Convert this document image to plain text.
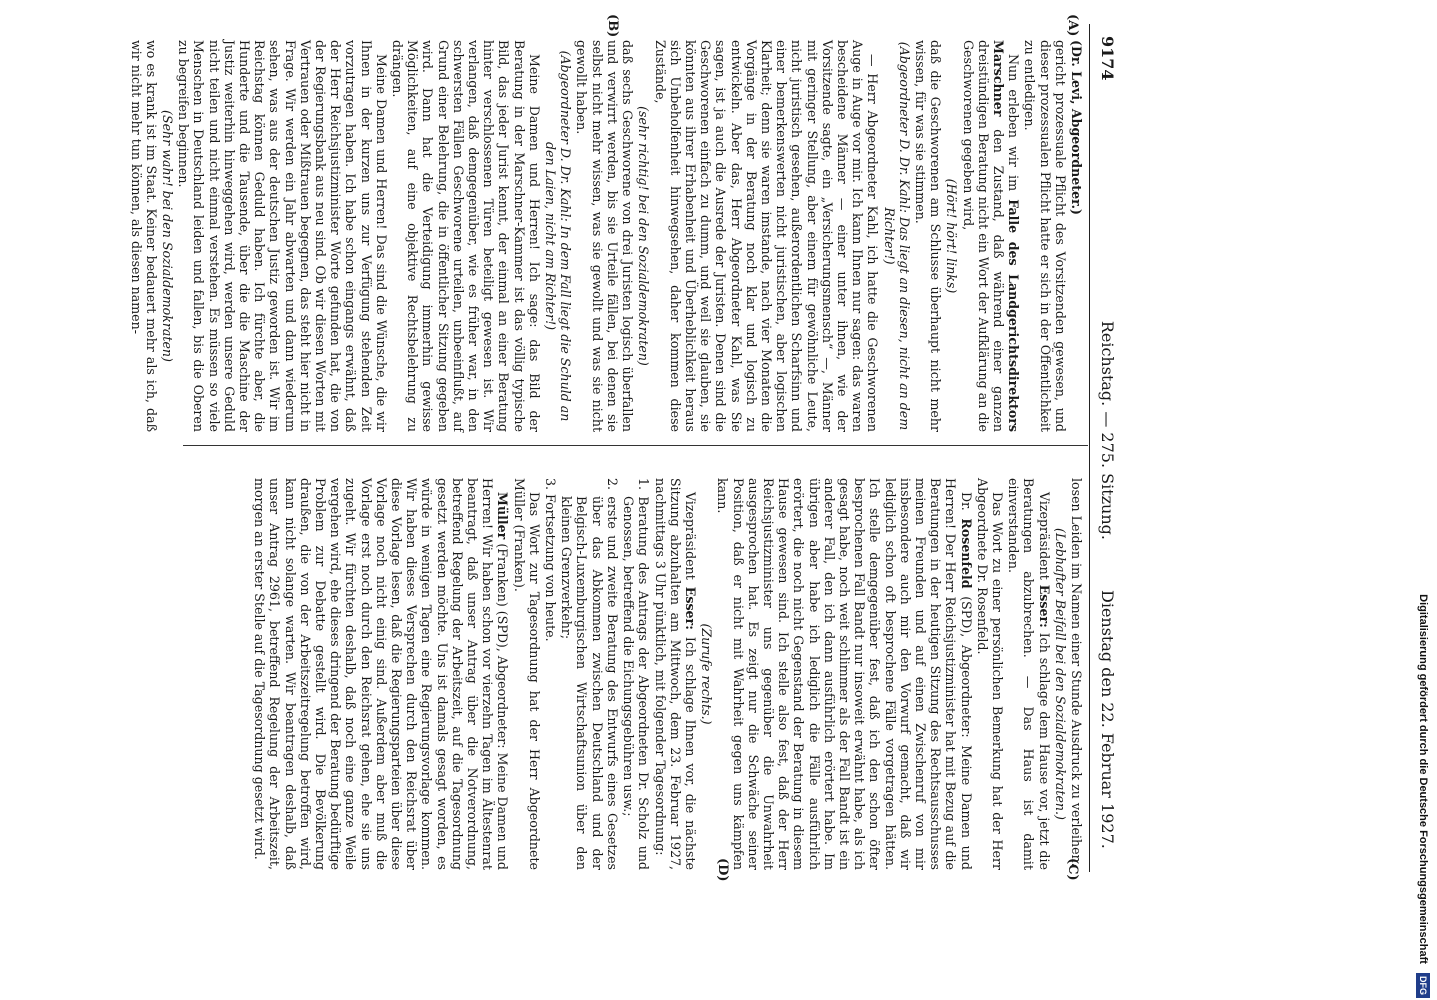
9174
Reichstag. — 275. Sitzung.
Dienstag den 22. Februar 1927.
(A)
(B)
(C)
(D)

(Dr. Levi, Abgeordneter.)

gericht prozessuale Pflicht des Vorsitzenden gewesen, und dieser prozessualen Pflicht hatte er sich in der Öffentlichkeit zu entledigen.

Nun erleben wir im Falle des Landgerichtsdirektors Marschner den Zustand, daß während einer ganzen dreistündigen Beratung nicht ein Wort der Aufklärung an die Geschworenen gegeben wird,

(Hört! hört! links)

daß die Geschworenen am Schlusse überhaupt nicht mehr wissen, für was sie stimmen.

(Abgeordneter D. Dr. Kahl: Das liegt an diesen, nicht an dem Richter!)

— Herr Abgeordneter Kahl, ich hatte die Geschworenen Auge in Auge vor mir. Ich kann Ihnen nur sagen: das waren bescheidene Männer — einer unter ihnen, wie der Vorsitzende sagte, ein „Versicherungsmensch“ —, Männer mit geringer Stellung, aber einem für gewöhnliche Leute, nicht juristisch gesehen, außerordentlichen Scharfsinn und einer bemerkenswerten nicht juristischen, aber logischen Klarheit; denn sie waren imstande, nach vier Monaten die Vorgänge in der Beratung noch klar und logisch zu entwickeln. Aber das, Herr Abgeordneter Kahl, was Sie sagen, ist ja auch die Ausrede der Juristen. Denen sind die Geschworenen einfach zu dumm, und weil sie glauben, sie könnten aus ihrer Erhabenheit und Überheblichkeit heraus sich Unbeholfenheit hinwegsehen, daher kommen diese Zustände,

(sehr richtig! bei den Sozialdemokraten)

daß sechs Geschworene von drei Juristen logisch überfallen und verwirrt werden, bis sie Urteile fällen, bei denen sie selbst nicht mehr wissen, was sie gewollt und was sie nicht gewollt haben.

(Abgeordneter D. Dr. Kahl: In dem Fall liegt die Schuld an den Laien, nicht am Richter!)

Meine Damen und Herren! Ich sage: das Bild der Beratung in der Marschner-Kammer ist das völlig typische Bild, das jeder Jurist kennt, der einmal an einer Beratung hinter verschlossenen Türen beteiligt gewesen ist. Wir verlangen, daß demgegenüber, wie es früher war, in den schwersten Fällen Geschworene urteilen, unbeeinflußt, auf Grund einer Belehrung, die in öffentlicher Sitzung gegeben wird. Dann hat die Verteidigung immerhin gewisse Möglichkeiten, auf eine objektive Rechtsbelehrung zu drängen.

Meine Damen und Herren! Das sind die Wünsche, die wir Ihnen in der kurzen uns zur Verfügung stehenden Zeit vorzutragen haben. Ich habe schon eingangs erwähnt, daß der Herr Reichsjustizminister Worte gefunden hat, die von der Regierungsbank aus neu sind. Ob wir diesen Worten mit Vertrauen oder Mißtrauen begegnen, das steht hier nicht in Frage. Wir werden ein Jahr abwarten und dann wiederum sehen, was aus der deutschen Justiz geworden ist. Wir im Reichstag können Geduld haben. Ich fürchte aber, die Hunderte und die Tausende, über die die Maschine der Justiz weiterhin hinweggehen wird, werden unsere Geduld nicht teilen und nicht einmal verstehen. Es müssen so viele Menschen in Deutschland leiden und fallen, bis die Oberen zu begreifen beginnen.

(Sehr wahr! bei den Sozialdemokraten)

wo es krank ist im Staat. Keiner bedauert mehr als ich, daß wir nicht mehr tun können, als diesen namen-

losen Leiden im Namen einer Stunde Ausdruck zu verleihen.

(Lebhafter Beifall bei den Sozialdemokraten.)

Vizepräsident Esser: Ich schlage dem Hause vor, jetzt die Beratungen abzubrechen. — Das Haus ist damit einverstanden.

Das Wort zu einer persönlichen Bemerkung hat der Herr Abgeordnete Dr. Rosenfeld.

Dr. Rosenfeld (SPD), Abgeordneter: Meine Damen und Herren! Der Herr Reichsjustizminister hat mit Bezug auf die Beratungen in der heutigen Sitzung des Rechtsausschusses meinen Freunden und auf einen Zwischenruf von mir insbesondere auch mir den Vorwurf gemacht, daß wir lediglich schon oft besprochene Fälle vorgetragen hätten. Ich stelle demgegenüber fest, daß ich den schon öfter besprochenen Fall Bandt nur insoweit erwähnt habe, als ich gesagt habe, noch weit schlimmer als der Fall Bandt ist ein anderer Fall, den ich dann ausführlich erörtert habe. Im übrigen aber habe ich lediglich die Fälle ausführlich erörtert, die noch nicht Gegenstand der Beratung in diesem Hause gewesen sind. Ich stelle also fest, daß der Herr Reichsjustizminister uns gegenüber die Unwahrheit ausgesprochen hat. Es zeigt nur die Schwäche seiner Position, daß er nicht mit Wahrheit gegen uns kämpfen kann.

(Zurufe rechts.)

Vizepräsident Esser: Ich schlage Ihnen vor, die nächste Sitzung abzuhalten am Mittwoch, dem 23. Februar 1927, nachmittags 3 Uhr pünktlich, mit folgender Tagesordnung:

1. Beratung des Antrags der Abgeordneten Dr. Scholz und Genossen, betreffend die Eichungsgebühren usw.;

2. erste und zweite Beratung des Entwurfs eines Gesetzes über das Abkommen zwischen Deutschland und der Belgisch-Luxemburgischen Wirtschaftsunion über den kleinen Grenzverkehr;

3. Fortsetzung von heute.

Das Wort zur Tagesordnung hat der Herr Abgeordnete Müller (Franken).

Müller (Franken) (SPD), Abgeordneter: Meine Damen und Herren! Wir haben schon vor vierzehn Tagen im Ältestenrat beantragt, daß unser Antrag über die Notverordnung, betreffend Regelung der Arbeitszeit, auf die Tagesordnung gesetzt werden möchte. Uns ist damals gesagt worden, es würde in wenigen Tagen eine Regierungsvorlage kommen. Wir haben dieses Versprechen durch den Reichsrat über diese Vorlage lesen, daß die Regierungsparteien über diese Vorlage noch nicht einig sind. Außerdem aber muß die Vorlage erst noch durch den Reichsrat gehen, ehe sie uns zugeht. Wir fürchten deshalb, daß noch eine ganze Weile vergehen wird, ehe dieses dringend der Beratung bedürftige Problem zur Debatte gestellt wird. Die Bevölkerung draußen, die von der Arbeitszeitregelung betroffen wird, kann nicht solange warten. Wir beantragen deshalb, daß unser Antrag 2961, betreffend Regelung der Arbeitszeit, morgen an erster Stelle auf die Tagesordnung gesetzt wird.	Digitalisierung gefördert durch die Deutsche Forschungsgemeinschaft DFG
